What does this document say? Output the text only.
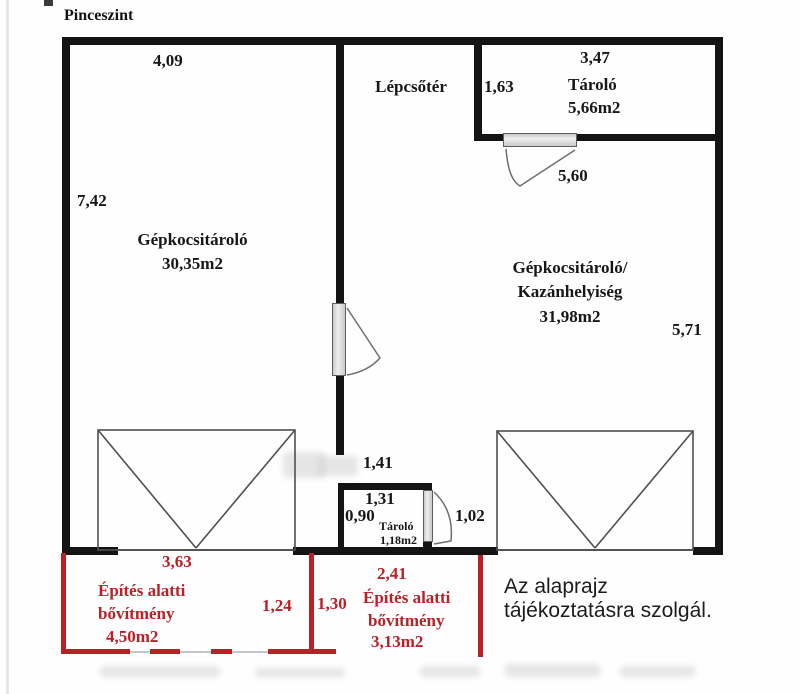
Pinceszint
4,09
7,42
3,47
1,63
5,60
5,71
1,41
1,31
0,90	1,02
Gépkocsitároló
30,35m2
Lépcsőtér	Tároló
5,66m2
Gépkocsitároló/
Kazánhelyiség
31,98m2
Tároló
1,18m2
3,63
1,24 1,30
2,41
Építés alatti
bővítmény
4,50m2
Építés alatti
bővítmény
3,13m2
Az alaprajz
tájékoztatásra szolgál.
